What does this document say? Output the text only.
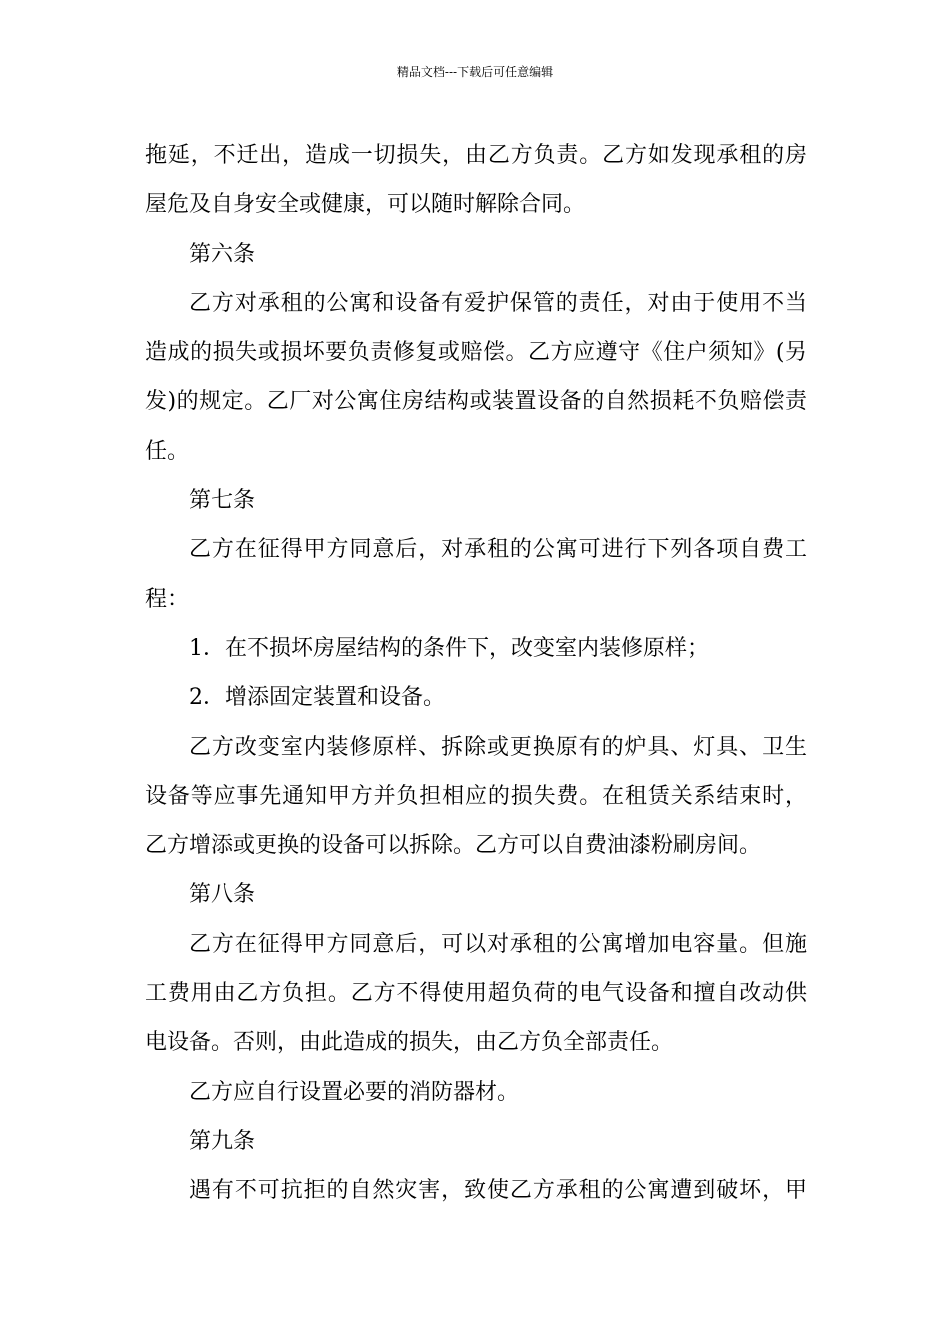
精品文档---下载后可任意编辑
拖延，不迁出，造成一切损失，由乙方负责。乙方如发现承租的房
屋危及自身安全或健康，可以随时解除合同。
第六条
乙方对承租的公寓和设备有爱护保管的责任，对由于使用不当
造成的损失或损坏要负责修复或赔偿。乙方应遵守《住户须知》(另
发)的规定。乙厂对公寓住房结构或装置设备的自然损耗不负赔偿责
任。
第七条
乙方在征得甲方同意后，对承租的公寓可进行下列各项自费工
程：
1．在不损坏房屋结构的条件下，改变室内装修原样；
2．增添固定装置和设备。
乙方改变室内装修原样、拆除或更换原有的炉具、灯具、卫生
设备等应事先通知甲方并负担相应的损失费。在租赁关系结束时，
乙方增添或更换的设备可以拆除。乙方可以自费油漆粉刷房间。
第八条
乙方在征得甲方同意后，可以对承租的公寓增加电容量。但施
工费用由乙方负担。乙方不得使用超负荷的电气设备和擅自改动供
电设备。否则，由此造成的损失，由乙方负全部责任。
乙方应自行设置必要的消防器材。
第九条
遇有不可抗拒的自然灾害，致使乙方承租的公寓遭到破坏，甲
